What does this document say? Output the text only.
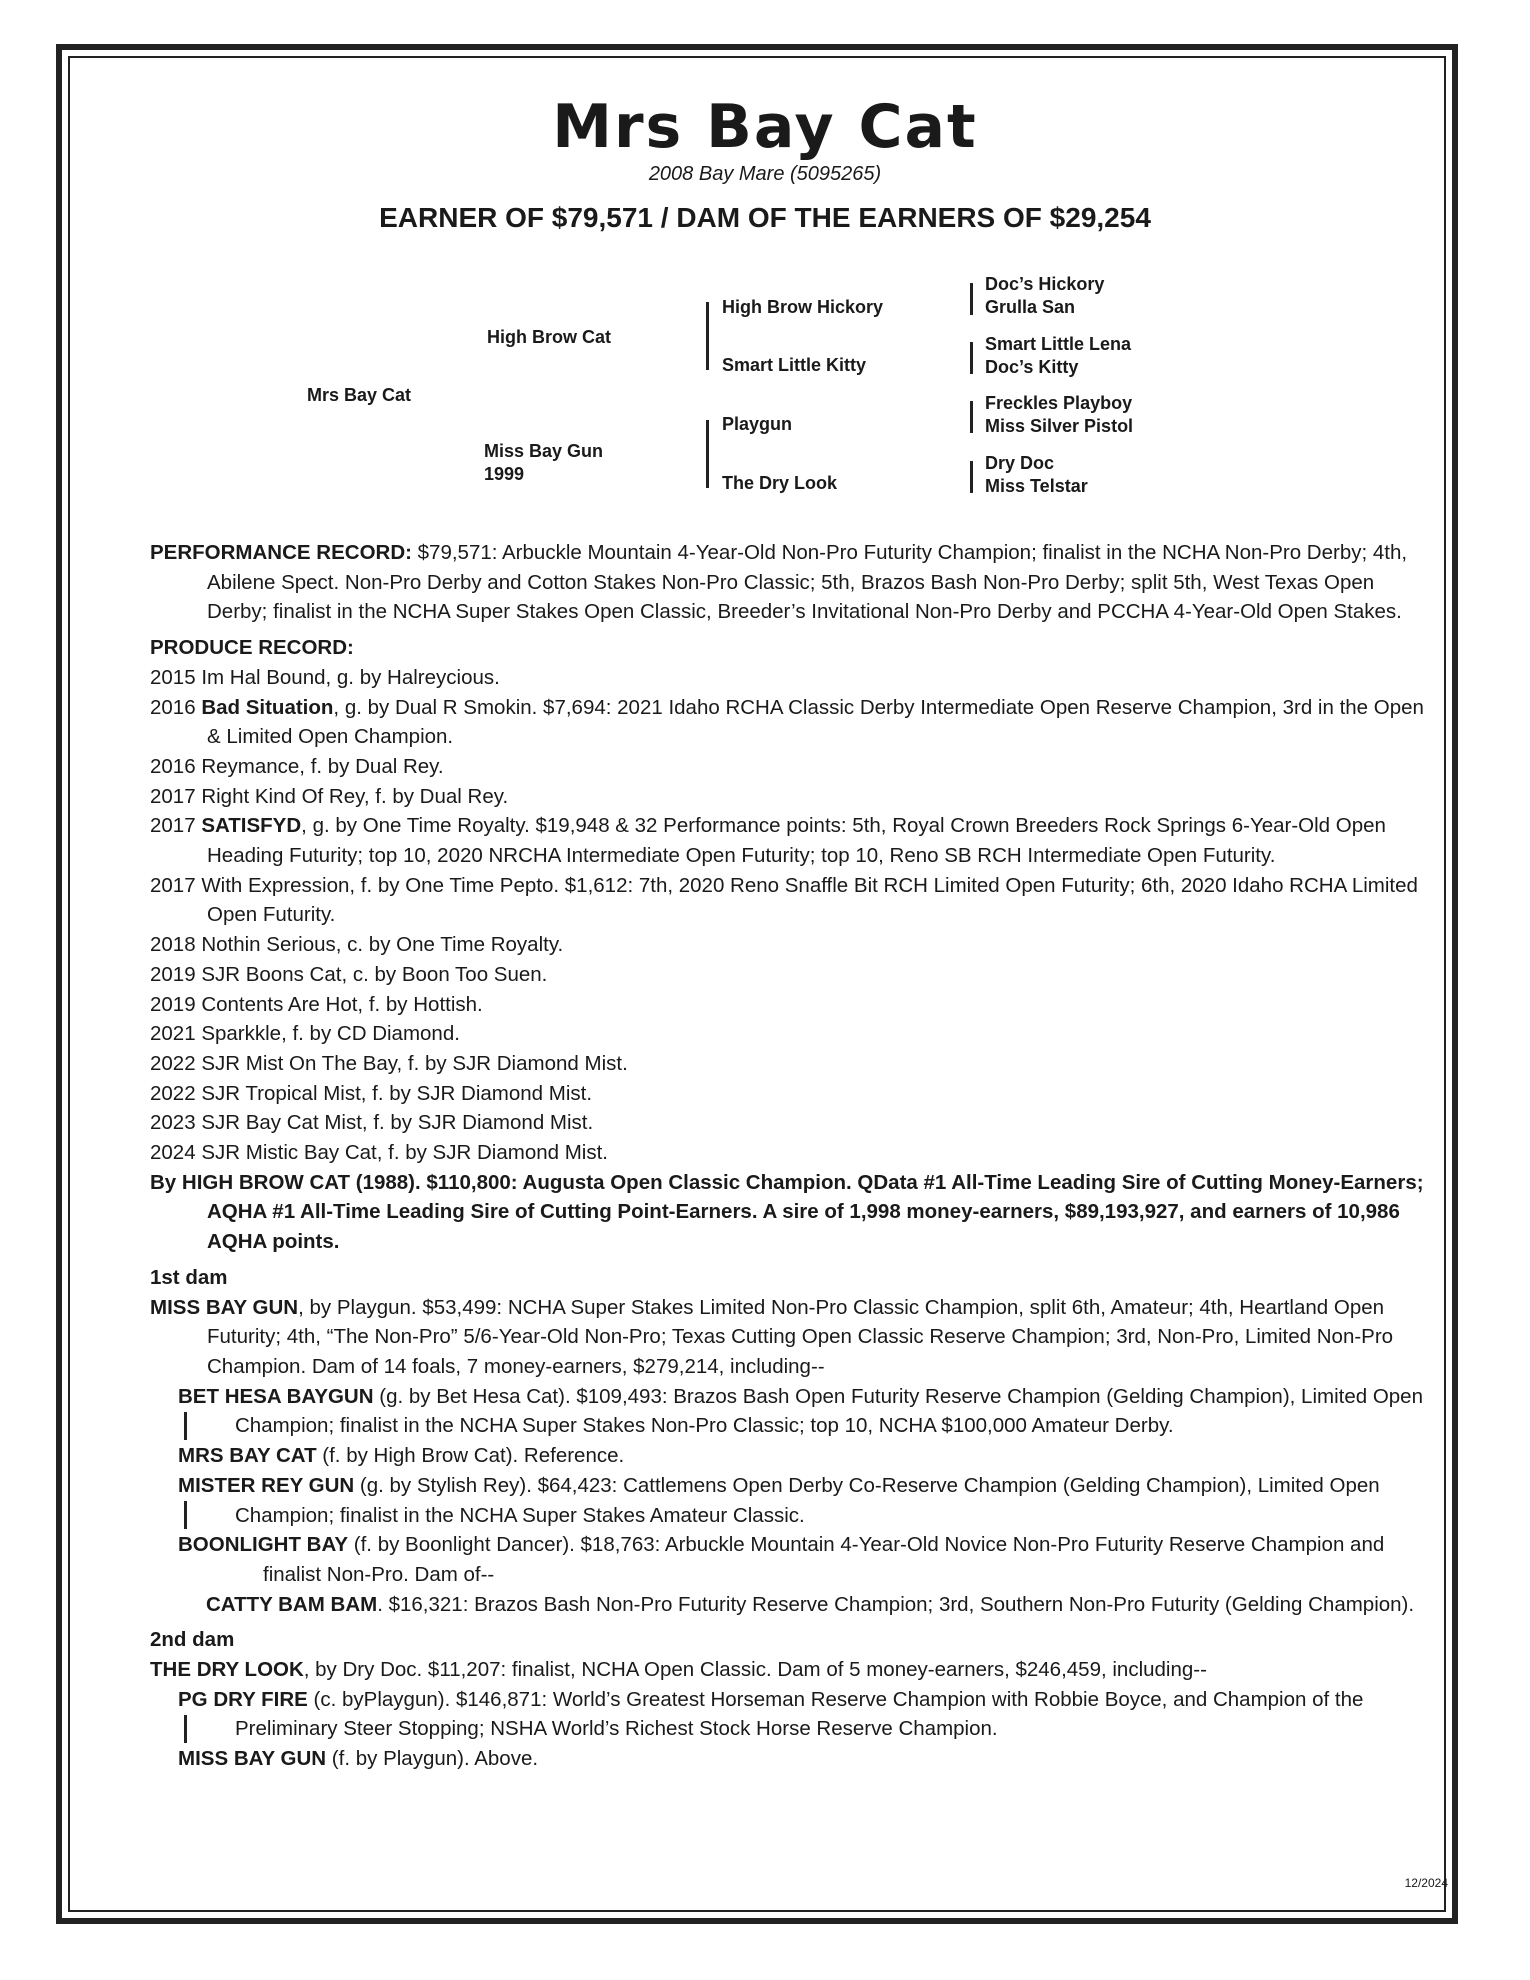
Mrs Bay Cat
2008 Bay Mare (5095265)
EARNER OF $79,571 / DAM OF THE EARNERS OF $29,254
Mrs Bay Cat
High Brow Cat
Miss Bay Gun
1999
High Brow Hickory
Smart Little Kitty
Playgun
The Dry Look
Doc’s Hickory
Grulla San
Smart Little Lena
Doc’s Kitty
Freckles Playboy
Miss Silver Pistol
Dry Doc
Miss Telstar

PERFORMANCE RECORD: $79,571: Arbuckle Mountain 4-Year-Old Non-Pro Futurity Champion; finalist in the NCHA Non-Pro Derby; 4th, Abilene Spect. Non-Pro Derby and Cotton Stakes Non-Pro Classic; 5th, Brazos Bash Non-Pro Derby; split 5th, West Texas Open Derby; finalist in the NCHA Super Stakes Open Classic, Breeder’s Invitational Non-Pro Derby and PCCHA 4-Year-Old Open Stakes.

PRODUCE RECORD:

2015 Im Hal Bound, g. by Halreycious.

2016 Bad Situation, g. by Dual R Smokin. $7,694: 2021 Idaho RCHA Classic Derby Intermediate Open Reserve Champion, 3rd in the Open & Limited Open Champion.

2016 Reymance, f. by Dual Rey.

2017 Right Kind Of Rey, f. by Dual Rey.

2017 SATISFYD, g. by One Time Royalty. $19,948 & 32 Performance points: 5th, Royal Crown Breeders Rock Springs 6-Year-Old Open Heading Futurity; top 10, 2020 NRCHA Intermediate Open Futurity; top 10, Reno SB RCH Intermediate Open Futurity.

2017 With Expression, f. by One Time Pepto. $1,612: 7th, 2020 Reno Snaffle Bit RCH Limited Open Futurity; 6th, 2020 Idaho RCHA Limited Open Futurity.

2018 Nothin Serious, c. by One Time Royalty.

2019 SJR Boons Cat, c. by Boon Too Suen.

2019 Contents Are Hot, f. by Hottish.

2021 Sparkkle, f. by CD Diamond.

2022 SJR Mist On The Bay, f. by SJR Diamond Mist.

2022 SJR Tropical Mist, f. by SJR Diamond Mist.

2023 SJR Bay Cat Mist, f. by SJR Diamond Mist.

2024 SJR Mistic Bay Cat, f. by SJR Diamond Mist.

By HIGH BROW CAT (1988). $110,800: Augusta Open Classic Champion. QData #1 All-Time Leading Sire of Cutting Money-Earners; AQHA #1 All-Time Leading Sire of Cutting Point-Earners. A sire of 1,998 money-earners, $89,193,927, and earners of 10,986 AQHA points.

1st dam

MISS BAY GUN, by Playgun. $53,499: NCHA Super Stakes Limited Non-Pro Classic Champion, split 6th, Amateur; 4th, Heartland Open Futurity; 4th, “The Non-Pro” 5/6-Year-Old Non-Pro; Texas Cutting Open Classic Reserve Champion; 3rd, Non-Pro, Limited Non-Pro Champion. Dam of 14 foals, 7 money-earners, $279,214, including--

BET HESA BAYGUN (g. by Bet Hesa Cat). $109,493: Brazos Bash Open Futurity Reserve Champion (Gelding Champion), Limited Open Champion; finalist in the NCHA Super Stakes Non-Pro Classic; top 10, NCHA $100,000 Amateur Derby.

MRS BAY CAT (f. by High Brow Cat). Reference.

MISTER REY GUN (g. by Stylish Rey). $64,423: Cattlemens Open Derby Co-Reserve Champion (Gelding Champion), Limited Open Champion; finalist in the NCHA Super Stakes Amateur Classic.

BOONLIGHT BAY (f. by Boonlight Dancer). $18,763: Arbuckle Mountain 4-Year-Old Novice Non-Pro Futurity Reserve Champion and finalist Non-Pro. Dam of--

CATTY BAM BAM. $16,321: Brazos Bash Non-Pro Futurity Reserve Champion; 3rd, Southern Non-Pro Futurity (Gelding Champion).

2nd dam

THE DRY LOOK, by Dry Doc. $11,207: finalist, NCHA Open Classic. Dam of 5 money-earners, $246,459, including--

PG DRY FIRE (c. byPlaygun). $146,871: World’s Greatest Horseman Reserve Champion with Robbie Boyce, and Champion of the Preliminary Steer Stopping; NSHA World’s Richest Stock Horse Reserve Champion.

MISS BAY GUN (f. by Playgun). Above.

12/2024
